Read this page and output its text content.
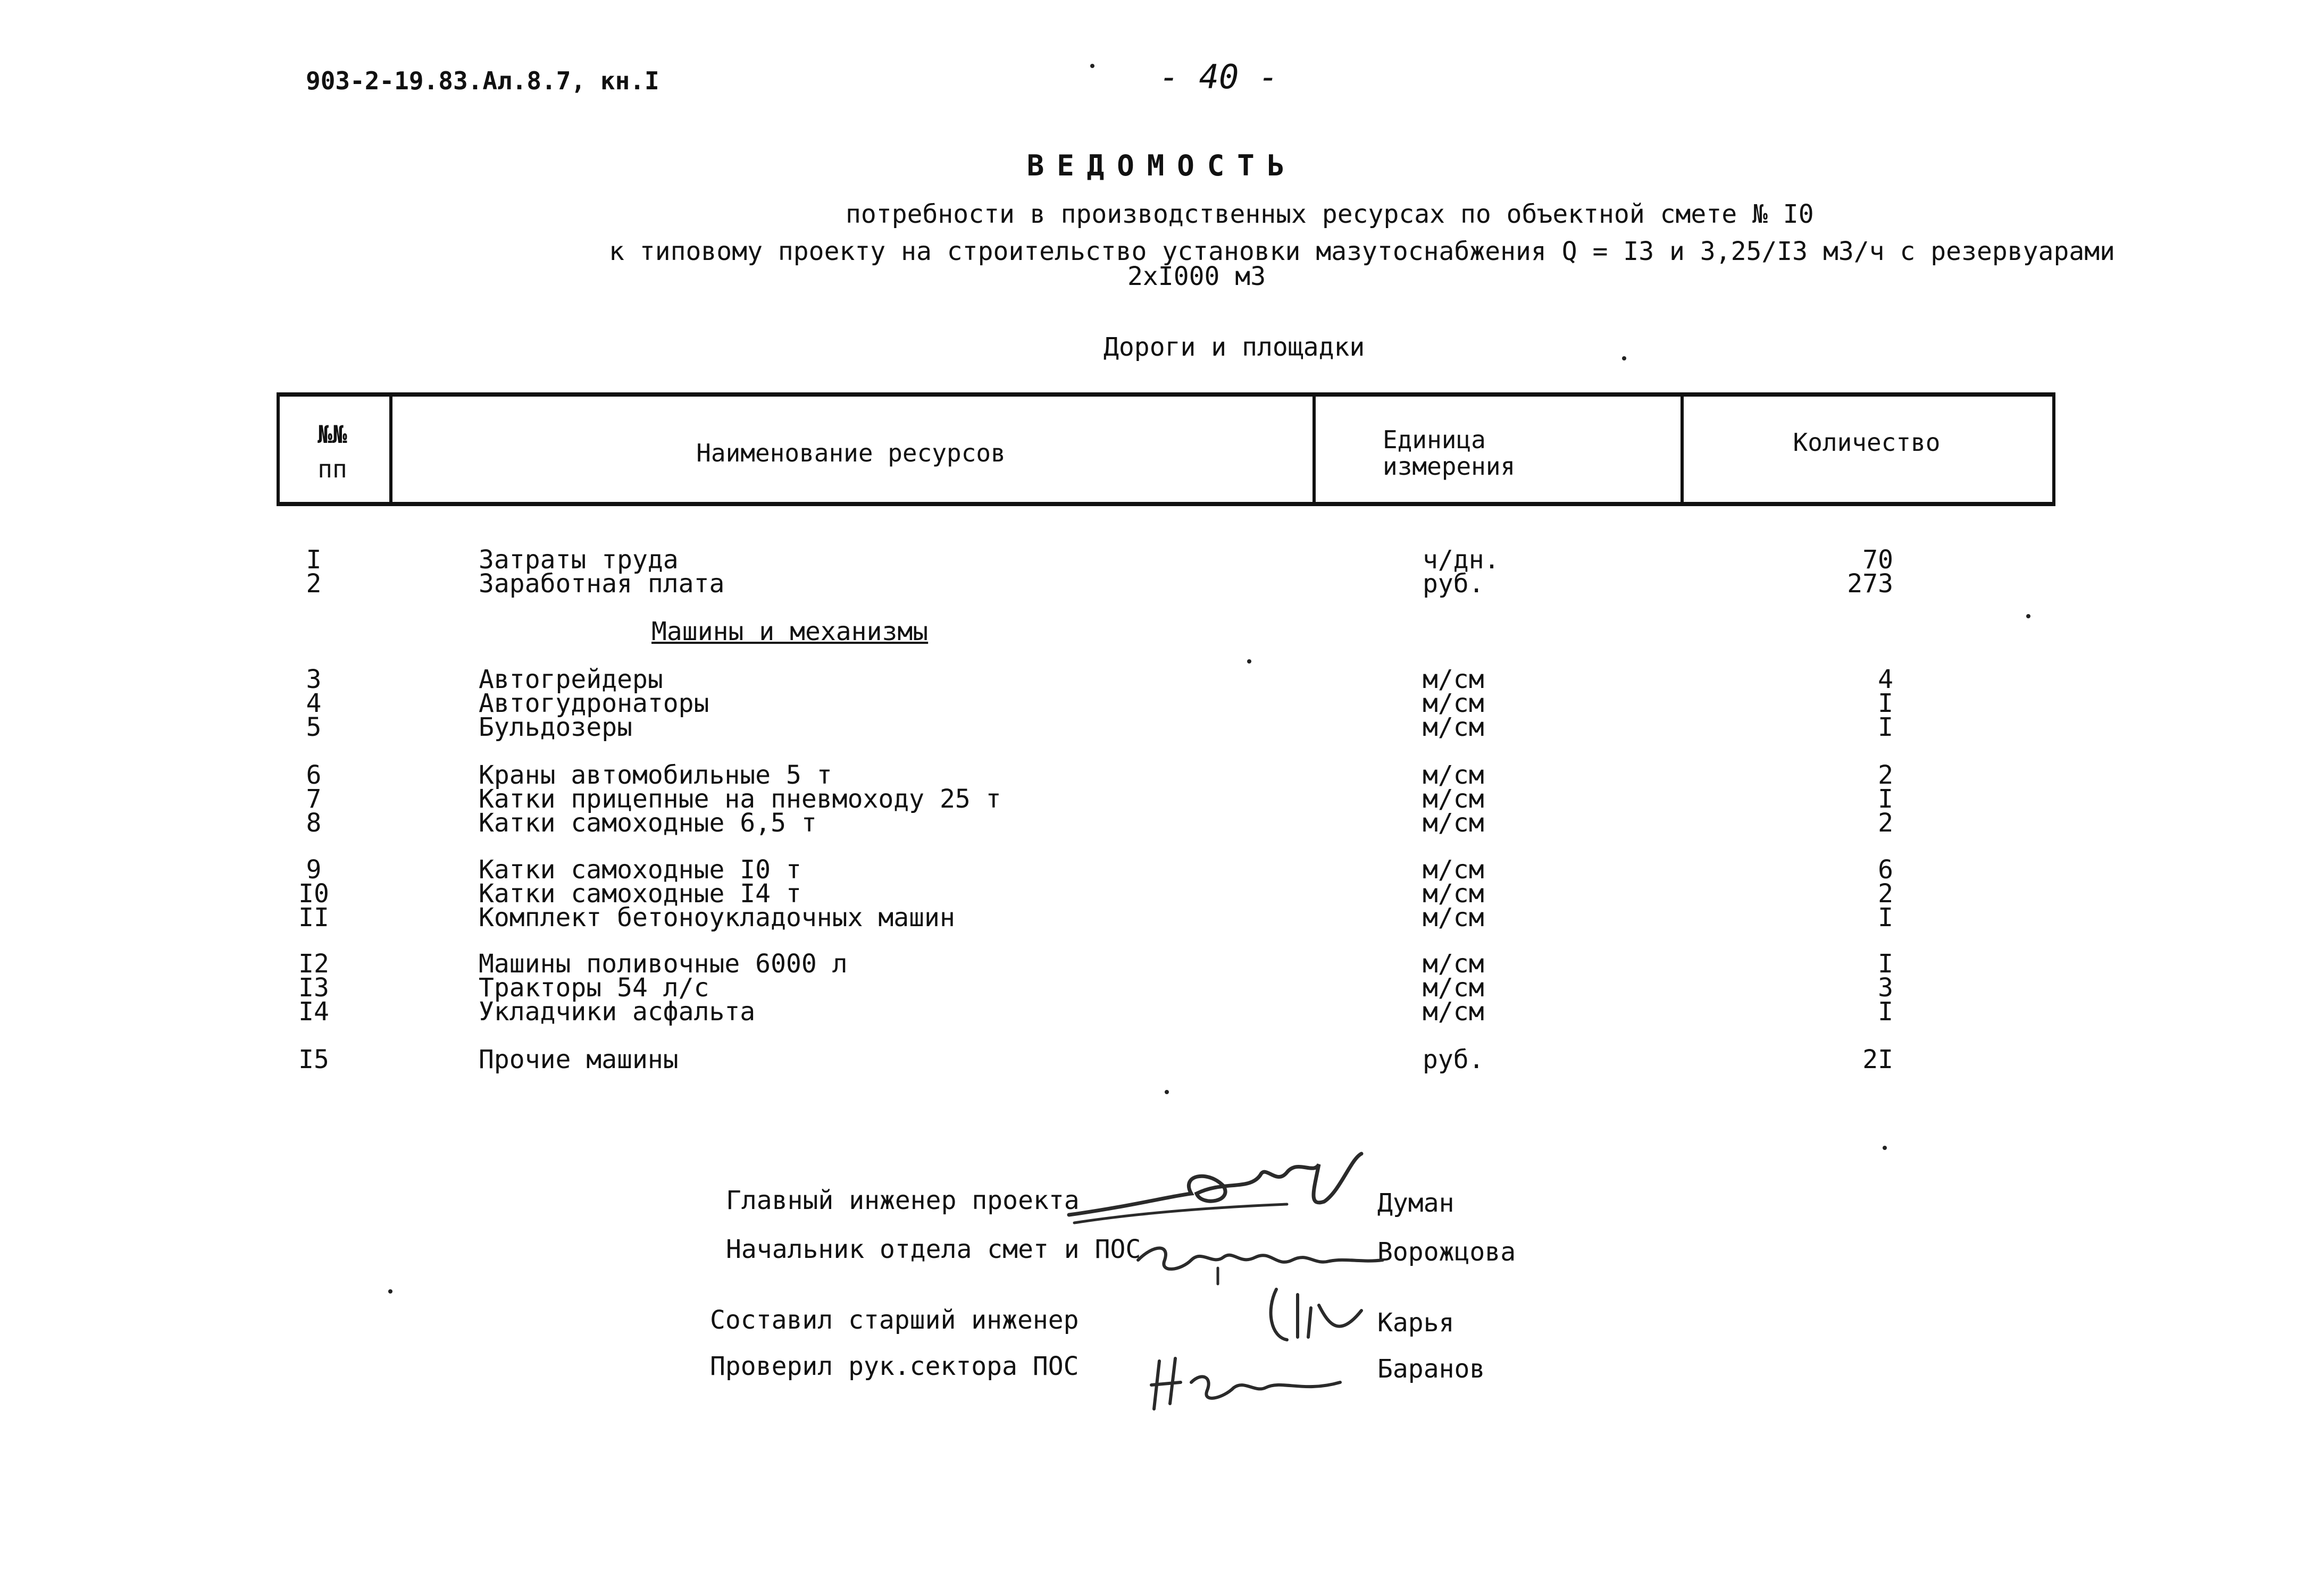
903-2-19.83.Ал.8.7, кн.I	- 40 -
ВЕДОМОСТЬ
потребности в производственных ресурсах по объектной смете № I0
к типовому проекту на строительство установки мазутоснабжения Q = I3 и 3,25/I3 м3/ч с резервуарами
2хI000 м3
Дороги и площадки
№№
пп
Наименование ресурсов	Единица
измерения
Количество
I	Затраты труда	ч/дн.	70
2	Заработная плата	руб.	273
Машины и механизмы
3	Автогрейдеры	м/см	4
4	Автогудронаторы	м/см	I
5	Бульдозеры	м/см	I
6	Краны автомобильные 5 т	м/см	2
7	Катки прицепные на пневмоходу 25 т	м/см	I
8	Катки самоходные 6,5 т	м/см	2
9	Катки самоходные I0 т	м/см	6
I0	Катки самоходные I4 т	м/см	2
II	Комплект бетоноукладочных машин	м/см	I
I2	Машины поливочные 6000 л	м/см	I
I3	Тракторы 54 л/с	м/см	3
I4	Укладчики асфальта	м/см	I
I5	Прочие машины	руб.	2I
Главный инженер проекта	Думан
Начальник отдела смет и ПОС	Ворожцова
Составил старший инженер	Карья
Проверил рук.сектора ПОС	Баранов
